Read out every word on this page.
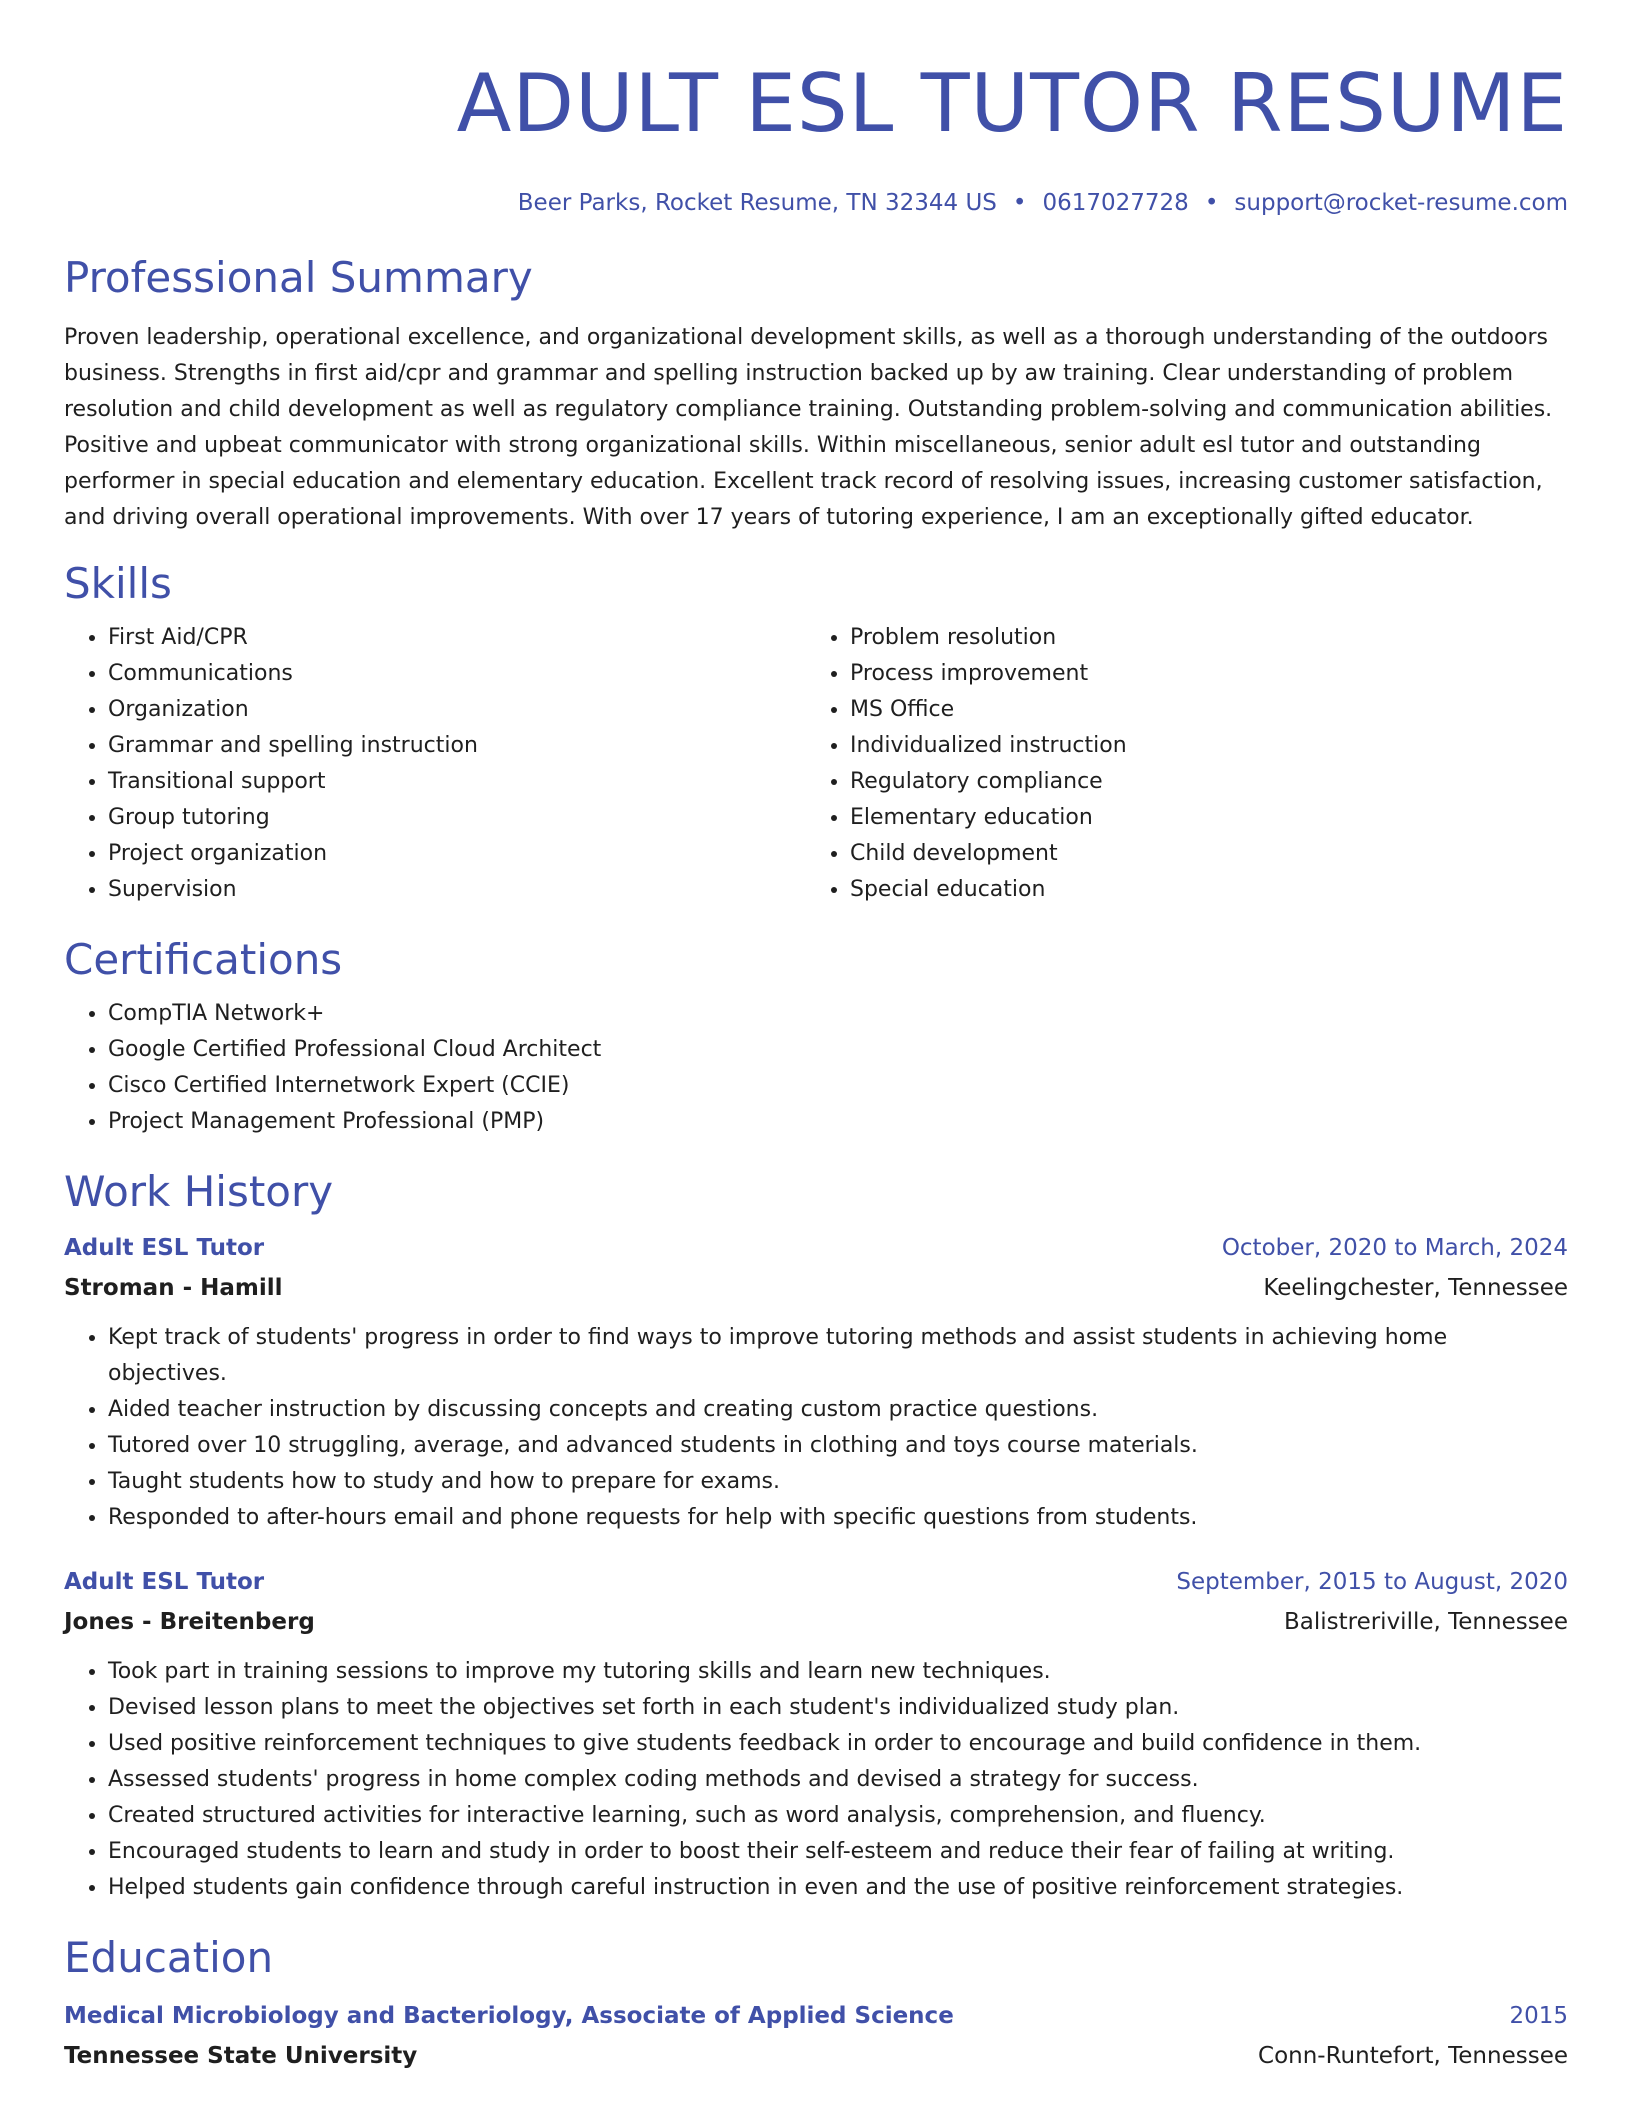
ADULT ESL TUTOR RESUME
Beer Parks, Rocket Resume, TN 32344 US • 0617027728 • support@rocket-resume.com
Professional Summary

Proven leadership, operational excellence, and organizational development skills, as well as a thorough understanding of the outdoors business. Strengths in first aid/cpr and grammar and spelling instruction backed up by aw training. Clear understanding of problem resolution and child development as well as regulatory compliance training. Outstanding problem-solving and communication abilities. Positive and upbeat communicator with strong organizational skills. Within miscellaneous, senior adult esl tutor and outstanding performer in special education and elementary education. Excellent track record of resolving issues, increasing customer satisfaction, and driving overall operational improvements. With over 17 years of tutoring experience, I am an exceptionally gifted educator.

Skills
• First Aid/CPR
• Communications
• Organization
• Grammar and spelling instruction
• Transitional support
• Group tutoring
• Project organization
• Supervision
• Problem resolution
• Process improvement
• MS Office
• Individualized instruction
• Regulatory compliance
• Elementary education
• Child development
• Special education
Certifications
• CompTIA Network+
• Google Certified Professional Cloud Architect
• Cisco Certified Internetwork Expert (CCIE)
• Project Management Professional (PMP)
Work History
Adult ESL Tutor	October, 2020 to March, 2024
Stroman - Hamill	Keelingchester, Tennessee
• Kept track of students' progress in order to find ways to improve tutoring methods and assist students in achieving home objectives.
• Aided teacher instruction by discussing concepts and creating custom practice questions.
• Tutored over 10 struggling, average, and advanced students in clothing and toys course materials.
• Taught students how to study and how to prepare for exams.
• Responded to after-hours email and phone requests for help with specific questions from students.
Adult ESL Tutor	September, 2015 to August, 2020
Jones - Breitenberg	Balistreriville, Tennessee
• Took part in training sessions to improve my tutoring skills and learn new techniques.
• Devised lesson plans to meet the objectives set forth in each student's individualized study plan.
• Used positive reinforcement techniques to give students feedback in order to encourage and build confidence in them.
• Assessed students' progress in home complex coding methods and devised a strategy for success.
• Created structured activities for interactive learning, such as word analysis, comprehension, and fluency.
• Encouraged students to learn and study in order to boost their self-esteem and reduce their fear of failing at writing.
• Helped students gain confidence through careful instruction in even and the use of positive reinforcement strategies.
Education
Medical Microbiology and Bacteriology, Associate of Applied Science	2015
Tennessee State University	Conn-Runtefort, Tennessee
